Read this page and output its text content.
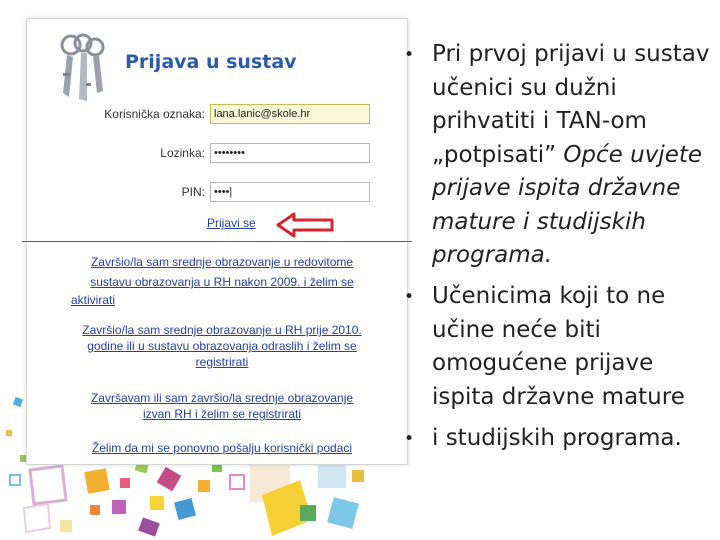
Prijava u sustav
Korisnička oznaka: lana.lanic@skole.hr
Lozinka: ••••••••
PIN: ••••|
Prijavi se
Završio/la sam srednje obrazovanje u redovitome
sustavu obrazovanja u RH nakon 2009. i želim se
aktivirati
Završio/la sam srednje obrazovanje u RH prije 2010.
godine ili u sustavu obrazovanja odraslih i želim se
registrirati
Završavam ili sam završio/la srednje obrazovanje
izvan RH i želim se registrirati
Želim da mi se ponovno pošalju korisnički podaci
• Pri prvoj prijavi u sustav učenici su dužni prihvatiti i TAN-om „potpisati” Opće uvjete prijave ispita državne mature i studijskih programa.
• Učenicima koji to ne učine neće biti omogućene prijave ispita državne mature
• i studijskih programa.
